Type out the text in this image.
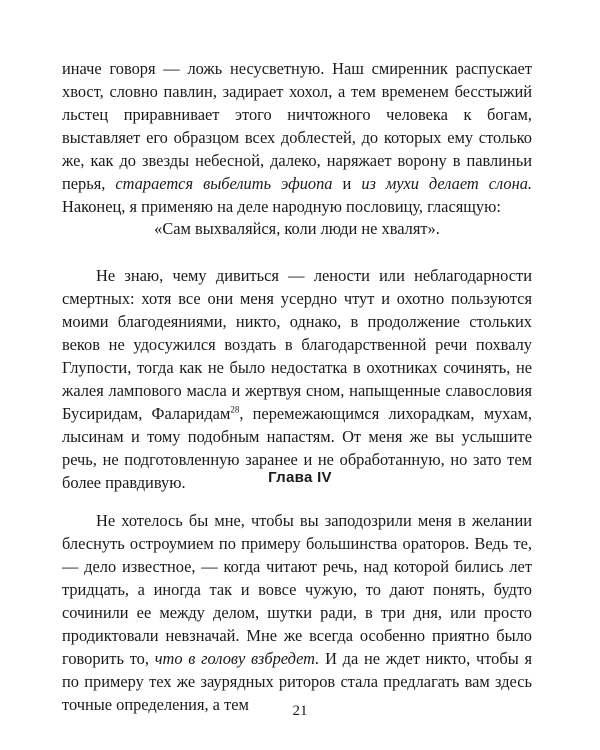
иначе говоря — ложь несусветную. Наш смиренник распускает хвост, словно павлин, задирает хохол, а тем временем бесстыжий льстец приравнивает этого ничтожного человека к богам, выставляет его образцом всех доблестей, до которых ему столько же, как до звезды небесной, далеко, наряжает ворону в павлиньи перья, старается выбелить эфиопа и из мухи делает слона. Наконец, я применяю на деле народную пословицу, гласящую:

«Сам выхваляйся, коли люди не хвалят».

Не знаю, чему дивиться — лености или неблагодарности смертных: хотя все они меня усердно чтут и охотно пользуются моими благодеяниями, никто, однако, в продолжение стольких веков не удосужился воздать в благодарственной речи похвалу Глупости, тогда как не было недостатка в охотниках сочинять, не жалея лампового масла и жертвуя сном, напыщенные славословия Бусиридам, Фаларидам$^{28}$, перемежающимся лихорадкам, мухам, лысинам и тому подобным напастям. От меня же вы услышите речь, не подготовленную заранее и не обработанную, но зато тем более правдивую.	Глава IV

Не хотелось бы мне, чтобы вы заподозрили меня в желании блеснуть остроумием по примеру большинства ораторов. Ведь те, — дело известное, — когда читают речь, над которой бились лет тридцать, а иногда так и вовсе чужую, то дают понять, будто сочинили ее между делом, шутки ради, в три дня, или просто продиктовали невзначай. Мне же всегда особенно приятно было говорить то, что в голову взбредет. И да не ждет никто, чтобы я по примеру тех же заурядных риторов стала предлагать вам здесь точные определения, а тем	21
